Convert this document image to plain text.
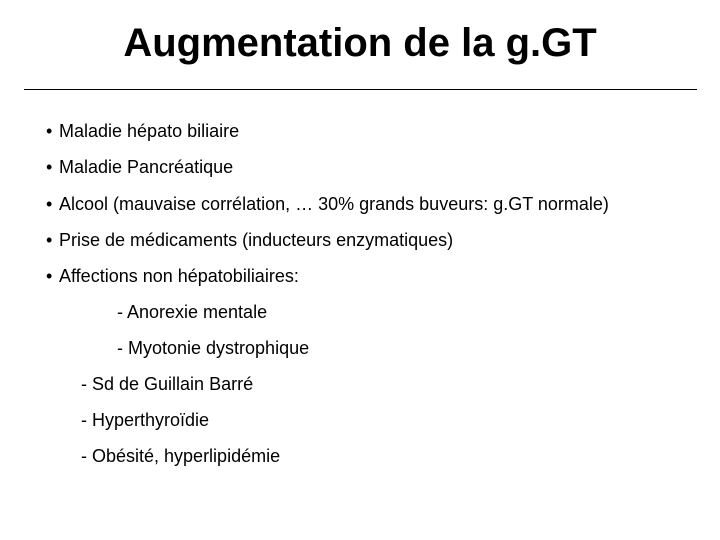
Augmentation de la g.GT
• Maladie hépato biliaire
• Maladie Pancréatique
• Alcool (mauvaise corrélation, … 30% grands buveurs: g.GT normale)
• Prise de médicaments (inducteurs enzymatiques)
• Affections non hépatobiliaires:
- Anorexie mentale
- Myotonie dystrophique
- Sd de Guillain Barré
- Hyperthyroïdie
- Obésité, hyperlipidémie
